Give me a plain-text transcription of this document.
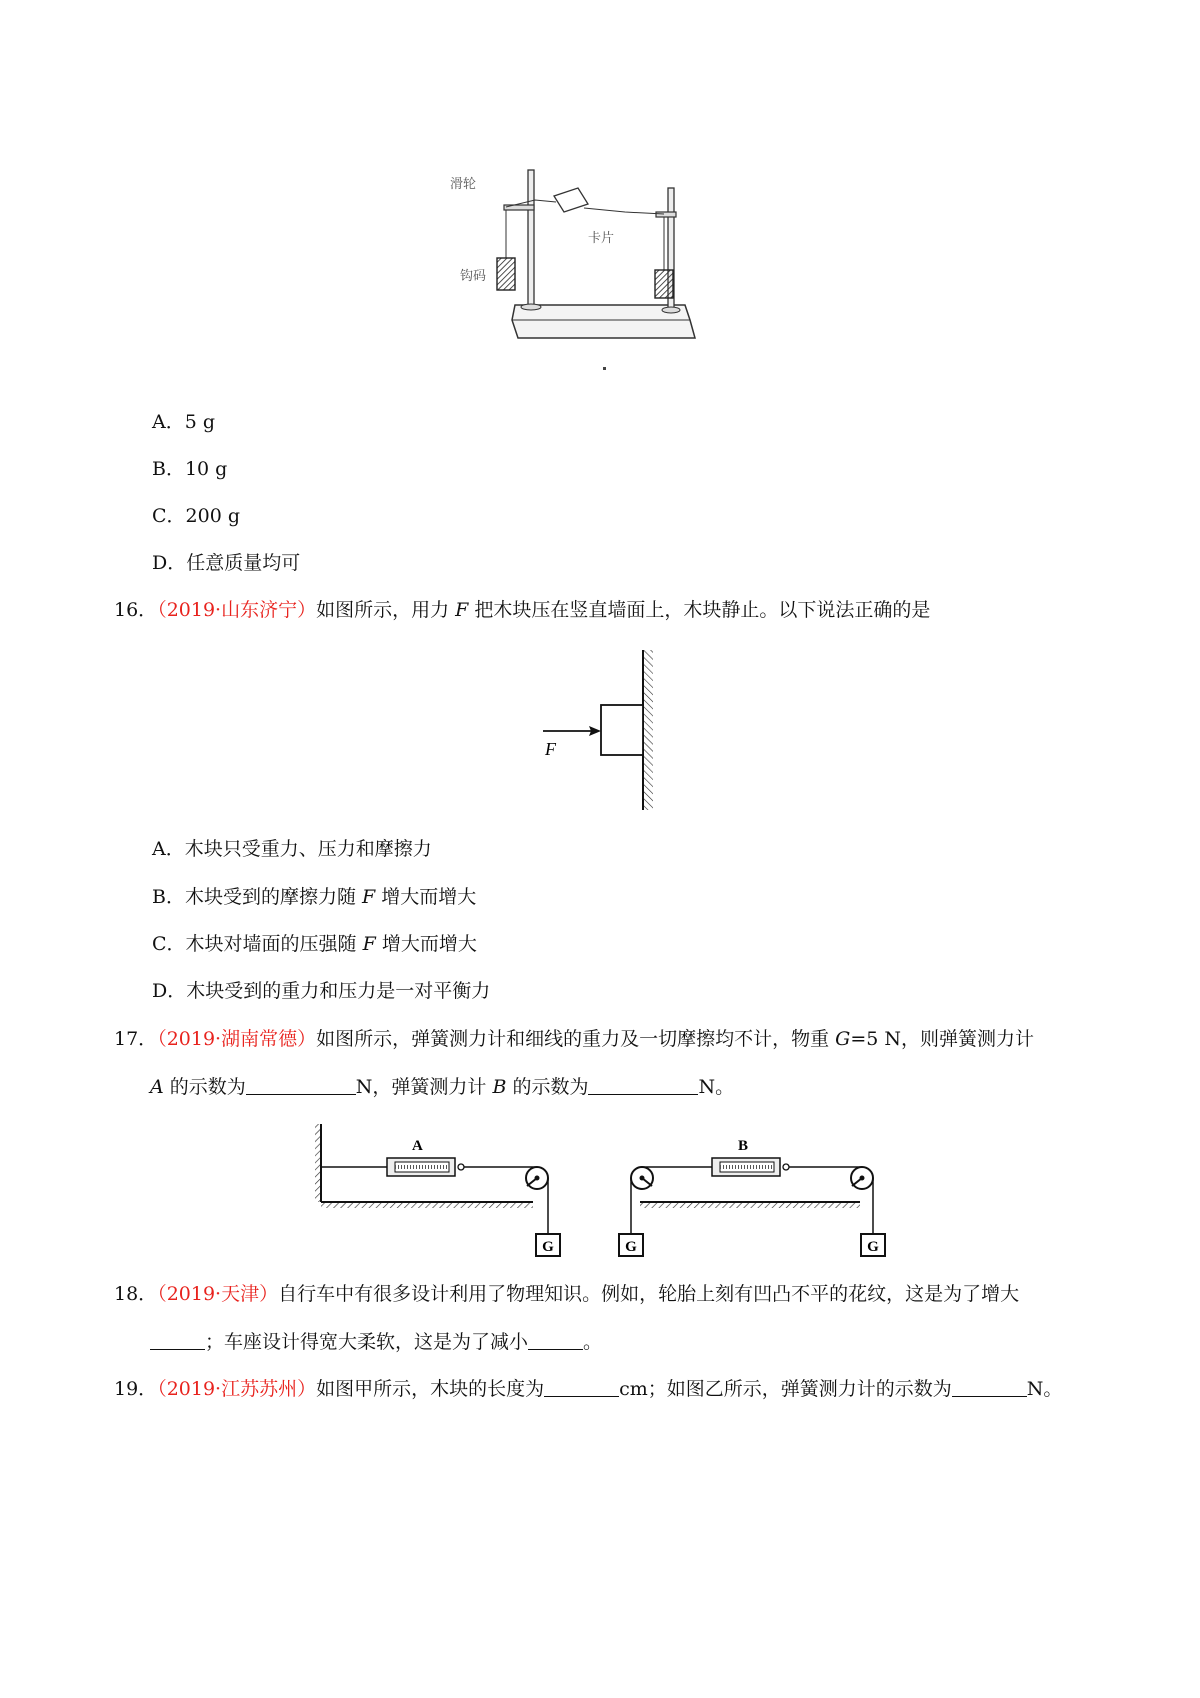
滑轮
卡片
钩码
A．5 g
B．10 g
C．200 g
D．任意质量均可
16．（2019·山东济宁）如图所示，用力 F 把木块压在竖直墙面上，木块静止。以下说法正确的是
F
A．木块只受重力、压力和摩擦力
B．木块受到的摩擦力随 F 增大而增大
C．木块对墙面的压强随 F 增大而增大
D．木块受到的重力和压力是一对平衡力
17．（2019·湖南常德）如图所示，弹簧测力计和细线的重力及一切摩擦均不计，物重 G=5 N，则弹簧测力计
A 的示数为	N，弹簧测力计 B 的示数为	N。
A
G	G
B
G
18．（2019·天津）自行车中有很多设计利用了物理知识。例如，轮胎上刻有凹凸不平的花纹，这是为了增大
；车座设计得宽大柔软，这是为了减小	。
19．（2019·江苏苏州）如图甲所示，木块的长度为	cm；如图乙所示，弹簧测力计的示数为	N。
